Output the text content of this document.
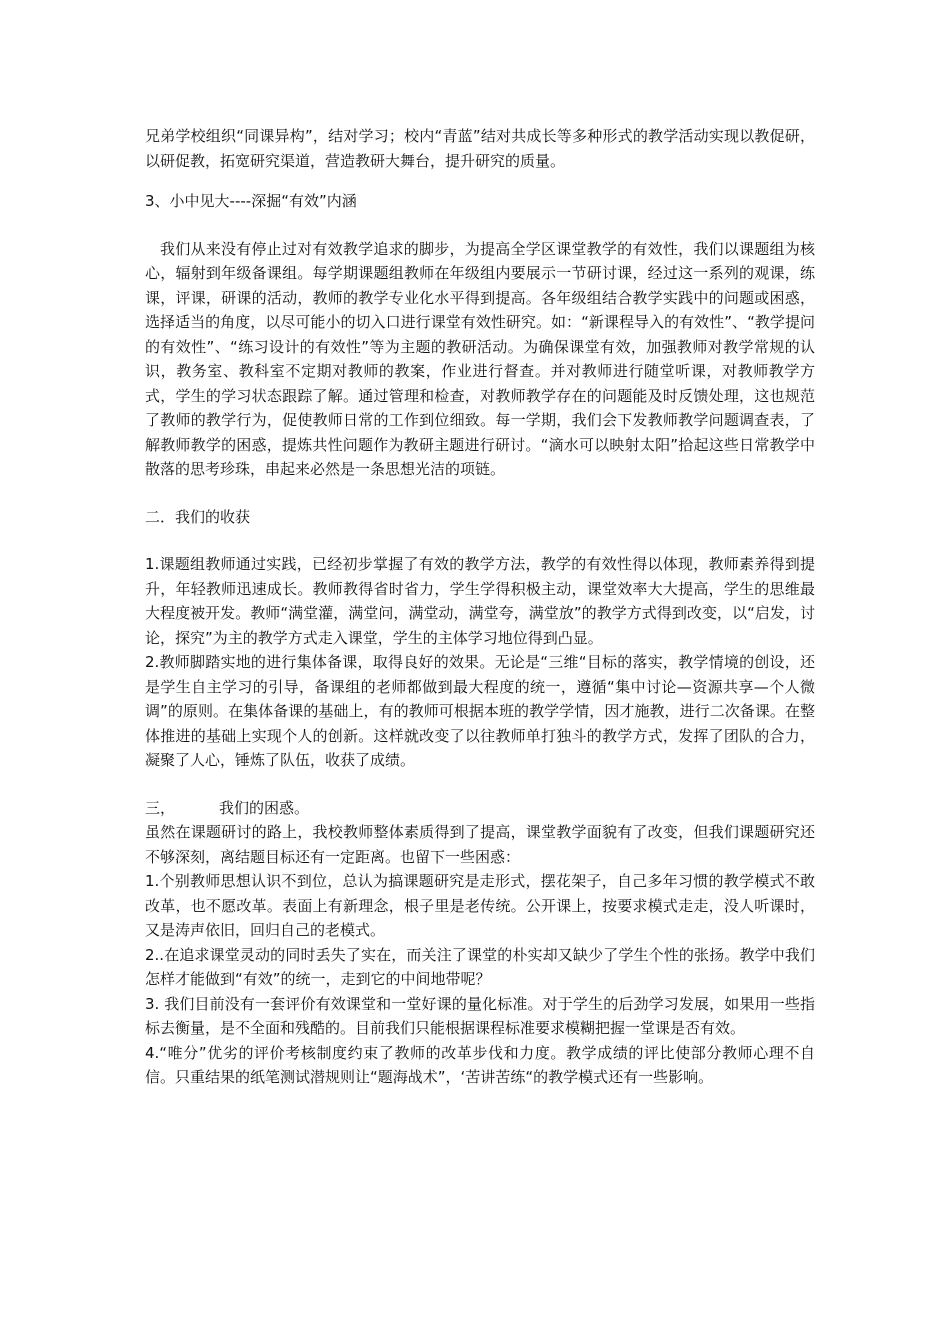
兄弟学校组织“同课异构”，结对学习；校内“青蓝”结对共成长等多种形式的教学活动实现以教促研，以研促教，拓宽研究渠道，营造教研大舞台，提升研究的质量。

3、小中见大----深掘“有效”内涵

我们从来没有停止过对有效教学追求的脚步，为提高全学区课堂教学的有效性，我们以课题组为核心，辐射到年级备课组。每学期课题组教师在年级组内要展示一节研讨课，经过这一系列的观课，练课，评课，研课的活动，教师的教学专业化水平得到提高。各年级组结合教学实践中的问题或困惑，选择适当的角度，以尽可能小的切入口进行课堂有效性研究。如：“新课程导入的有效性”、“教学提问的有效性”、“练习设计的有效性”等为主题的教研活动。为确保课堂有效，加强教师对教学常规的认识，教务室、教科室不定期对教师的教案，作业进行督查。并对教师进行随堂听课，对教师教学方式，学生的学习状态跟踪了解。通过管理和检查，对教师教学存在的问题能及时反馈处理，这也规范了教师的教学行为，促使教师日常的工作到位细致。每一学期，我们会下发教师教学问题调查表，了解教师教学的困惑，提炼共性问题作为教研主题进行研讨。“滴水可以映射太阳”拾起这些日常教学中散落的思考珍珠，串起来必然是一条思想光洁的项链。

二．我们的收获

1.课题组教师通过实践，已经初步掌握了有效的教学方法，教学的有效性得以体现，教师素养得到提升，年轻教师迅速成长。教师教得省时省力，学生学得积极主动，课堂效率大大提高，学生的思维最大程度被开发。教师“满堂灌，满堂问，满堂动，满堂夸，满堂放”的教学方式得到改变，以“启发，讨论，探究”为主的教学方式走入课堂，学生的主体学习地位得到凸显。

2.教师脚踏实地的进行集体备课，取得良好的效果。无论是“三维“目标的落实，教学情境的创设，还是学生自主学习的引导，备课组的老师都做到最大程度的统一，遵循“集中讨论—资源共享—个人微调”的原则。在集体备课的基础上，有的教师可根据本班的教学学情，因才施教，进行二次备课。在整体推进的基础上实现个人的创新。这样就改变了以往教师单打独斗的教学方式，发挥了团队的合力，凝聚了人心，锤炼了队伍，收获了成绩。

三，	我们的困惑。

虽然在课题研讨的路上，我校教师整体素质得到了提高，课堂教学面貌有了改变，但我们课题研究还不够深刻，离结题目标还有一定距离。也留下一些困惑：

1.个别教师思想认识不到位，总认为搞课题研究是走形式，摆花架子，自己多年习惯的教学模式不敢改革，也不愿改革。表面上有新理念，根子里是老传统。公开课上，按要求模式走走，没人听课时，又是涛声依旧，回归自己的老模式。

2..在追求课堂灵动的同时丢失了实在，而关注了课堂的朴实却又缺少了学生个性的张扬。教学中我们怎样才能做到“有效”的统一，走到它的中间地带呢？

3. 我们目前没有一套评价有效课堂和一堂好课的量化标准。对于学生的后劲学习发展，如果用一些指标去衡量，是不全面和残酷的。目前我们只能根据课程标准要求模糊把握一堂课是否有效。

4.“唯分”优劣的评价考核制度约束了教师的改革步伐和力度。教学成绩的评比使部分教师心理不自信。只重结果的纸笔测试潜规则让“题海战术”，‘苦讲苦练“的教学模式还有一些影响。
